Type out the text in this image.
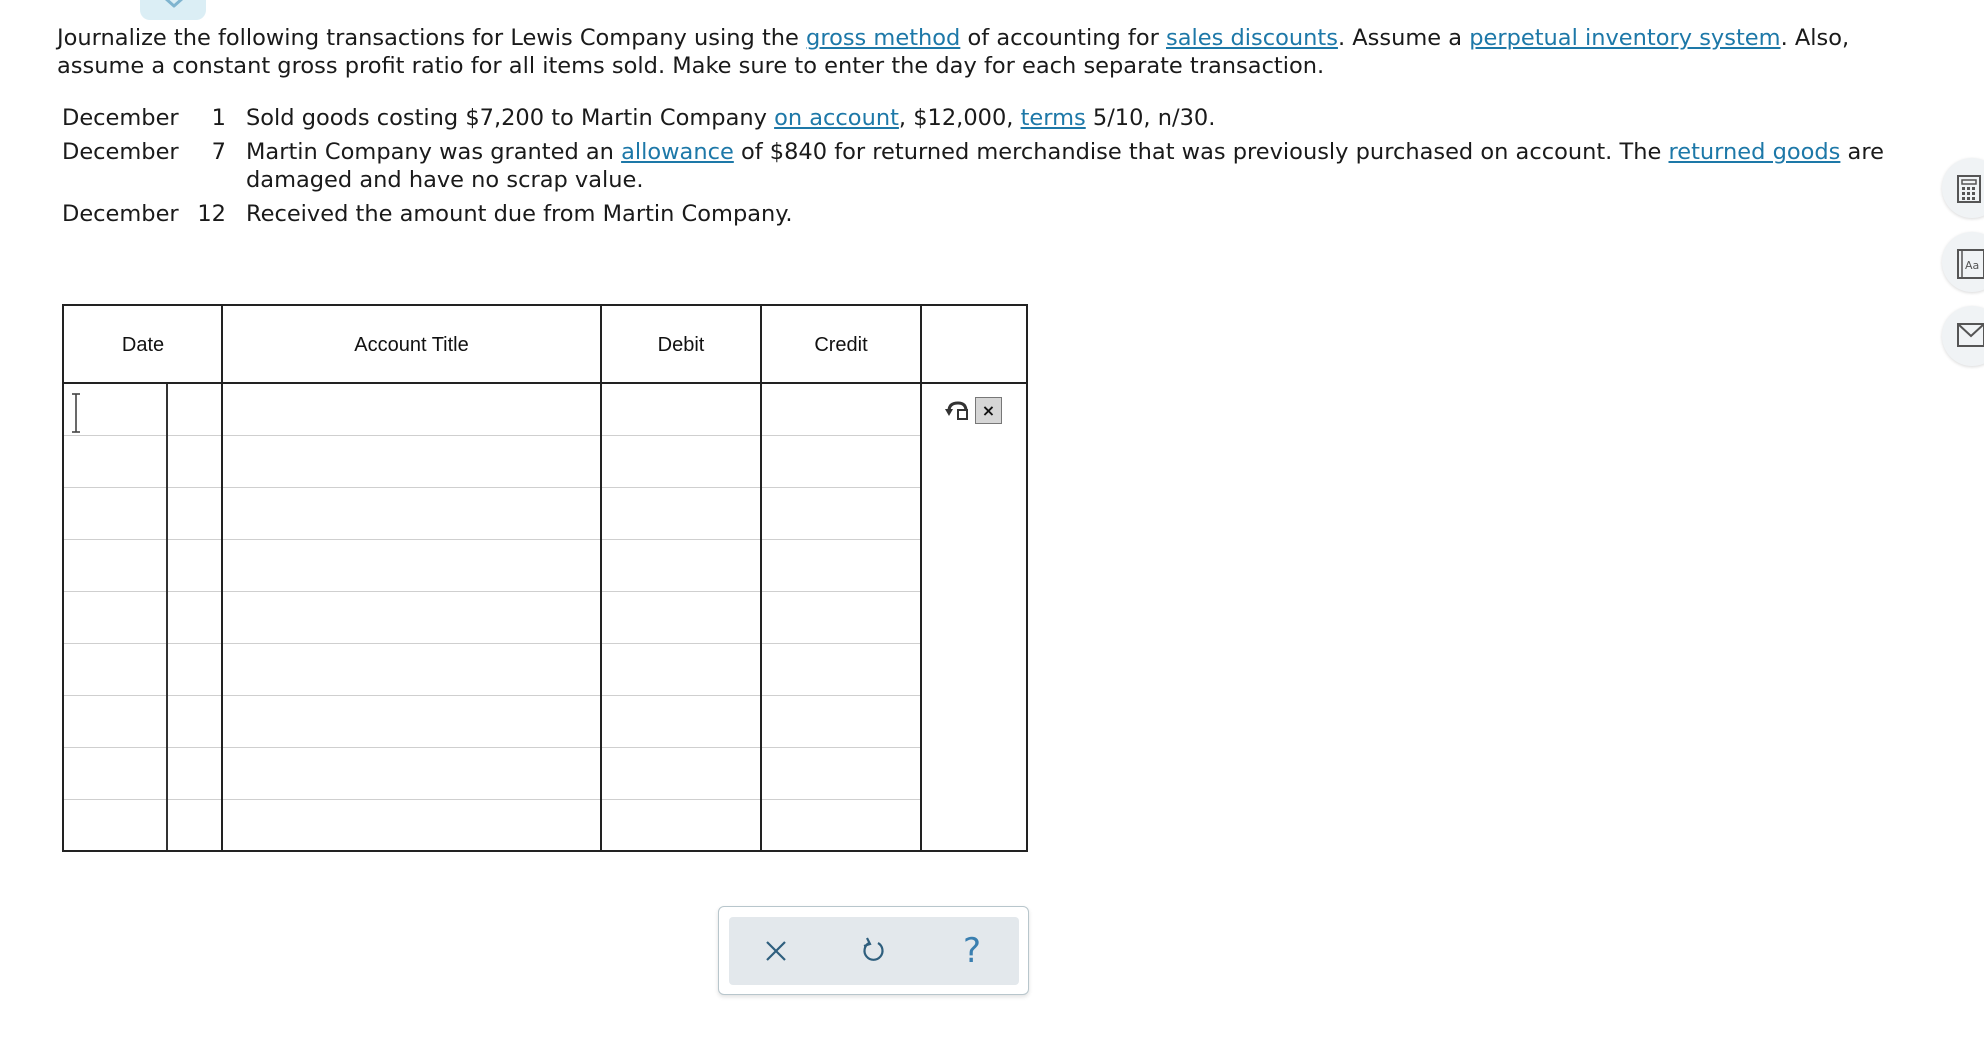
Journalize the following transactions for Lewis Company using the gross method of accounting for sales discounts. Assume a perpetual inventory system. Also, assume a constant gross profit ratio for all items sold. Make sure to enter the day for each separate transaction.
December	1	Sold goods costing $7,200 to Martin Company on account, $12,000, terms 5/10, n/30.
December	7	Martin Company was granted an allowance of $840 for returned merchandise that was previously purchased on account. The returned goods are damaged and have no scrap value.
December	12	Received the amount due from Martin Company.
Date	Account Title	Debit	Credit
×
?
Aa
